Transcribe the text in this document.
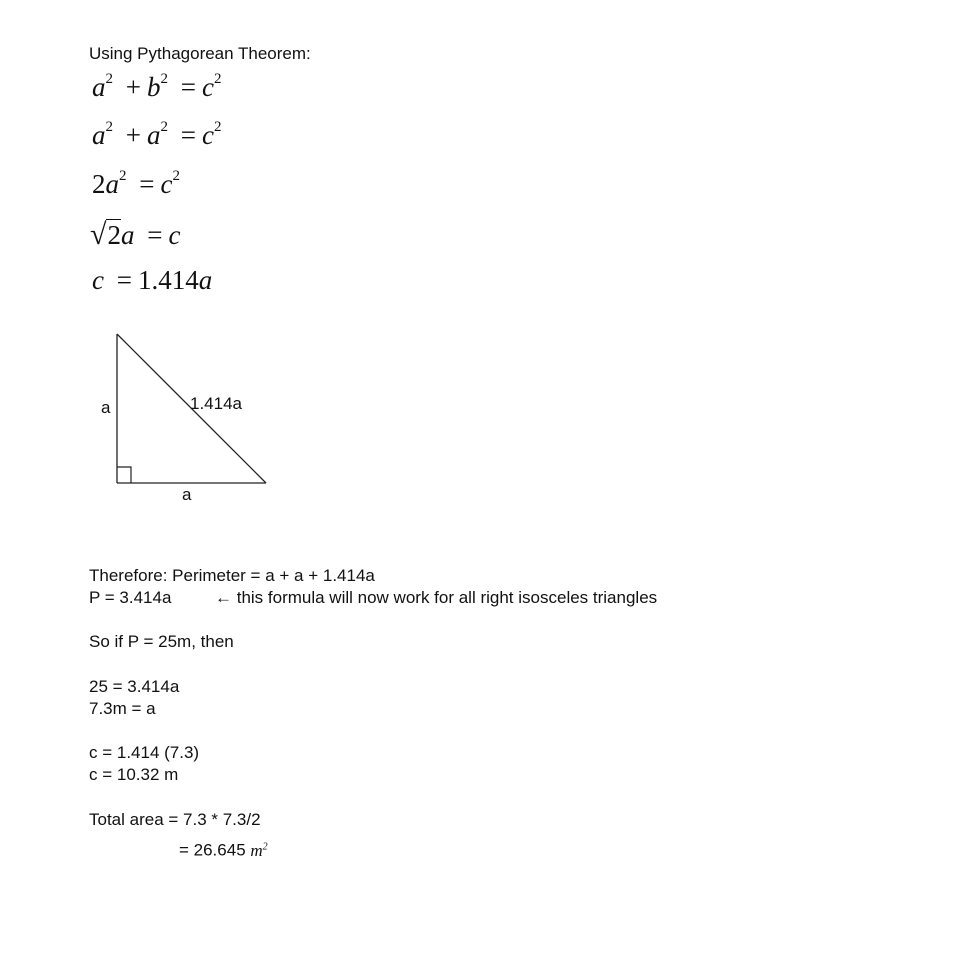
Using Pythagorean Theorem:
$a^2 + b^2 = c^2$
$a^2 + a^2 = c^2$
$2a^2 = c^2$
√2a = c
c = 1.414a
a
a
1.414a
Therefore: Perimeter = a + a + 1.414a
P = 3.414a	← this formula will now work for all right isosceles triangles
So if P = 25m, then
25 = 3.414a
7.3m = a
c = 1.414 (7.3)
c = 10.32 m
Total area = 7.3 * 7.3/2
= 26.645 $m^2$
